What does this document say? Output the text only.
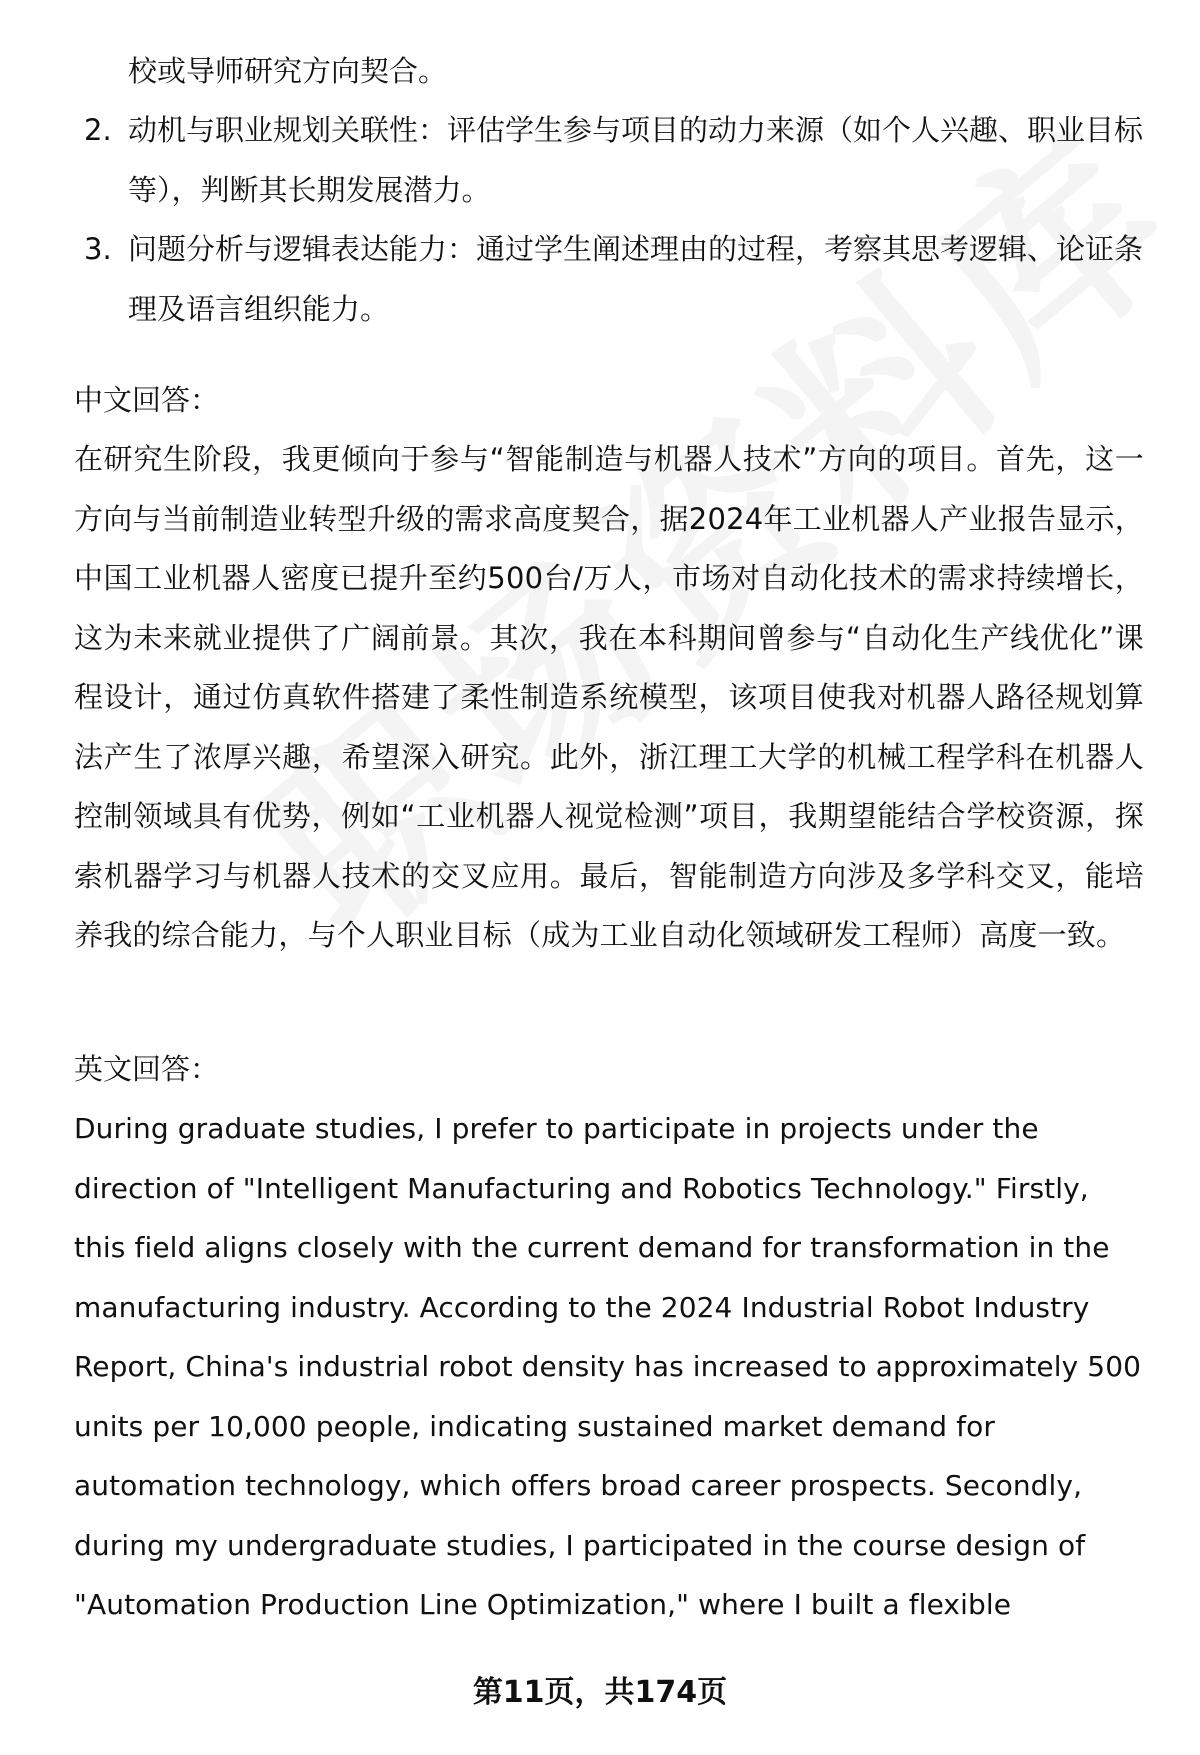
校或导师研究方向契合。
2. 动机与职业规划关联性：评估学生参与项目的动力来源（如个人兴趣、职业目标等），判断其长期发展潜力。
3. 问题分析与逻辑表达能力：通过学生阐述理由的过程，考察其思考逻辑、论证条理及语言组织能力。
中文回答：
在研究生阶段，我更倾向于参与“智能制造与机器人技术”方向的项目。首先，这一方向与当前制造业转型升级的需求高度契合，据2024年工业机器人产业报告显示，中国工业机器人密度已提升至约500台/万人，市场对自动化技术的需求持续增长，这为未来就业提供了广阔前景。其次，我在本科期间曾参与“自动化生产线优化”课程设计，通过仿真软件搭建了柔性制造系统模型，该项目使我对机器人路径规划算法产生了浓厚兴趣，希望深入研究。此外，浙江理工大学的机械工程学科在机器人控制领域具有优势，例如“工业机器人视觉检测”项目，我期望能结合学校资源，探索机器学习与机器人技术的交叉应用。最后，智能制造方向涉及多学科交叉，能培养我的综合能力，与个人职业目标（成为工业自动化领域研发工程师）高度一致。
英文回答：
During graduate studies, I prefer to participate in projects under the direction of "Intelligent Manufacturing and Robotics Technology." Firstly, this field aligns closely with the current demand for transformation in the manufacturing industry. According to the 2024 Industrial Robot Industry Report, China's industrial robot density has increased to approximately 500 units per 10,000 people, indicating sustained market demand for automation technology, which offers broad career prospects. Secondly, during my undergraduate studies, I participated in the course design of "Automation Production Line Optimization," where I built a flexible
第11页，共174页
